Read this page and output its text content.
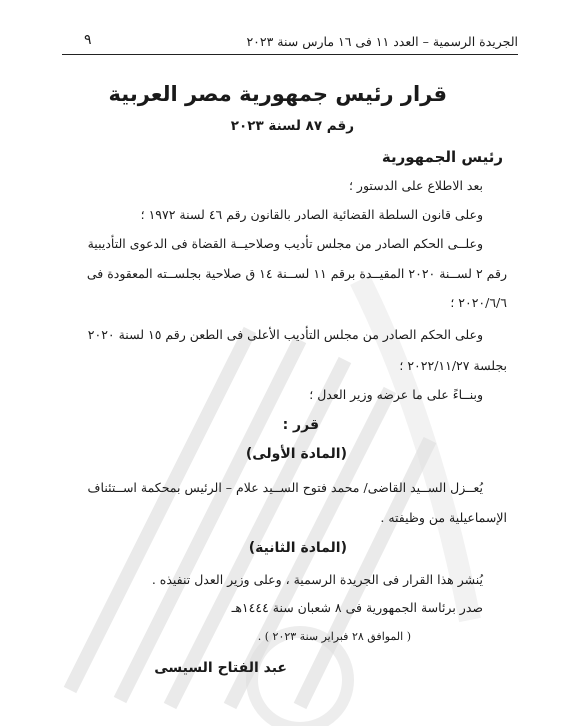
الجريدة الرسمية – العدد ١١ فى ١٦ مارس سنة ٢٠٢٣
٩
قرار رئيس جمهورية مصر العربية
رقم ٨٧ لسنة ٢٠٢٣
رئيس الجمهورية
بعد الاطلاع على الدستور ؛
وعلى قانون السلطة القضائية الصادر بالقانون رقم ٤٦ لسنة ١٩٧٢ ؛
وعلــى الحكم الصادر من مجلس تأديب وصلاحيــة القضاة فى الدعوى التأديبية
رقم ٢ لســنة ٢٠٢٠ المقيــدة برقم ١١ لســنة ١٤ ق صلاحية بجلســته المعقودة فى
٢٠٢٠/٦/٦ ؛
وعلى الحكم الصادر من مجلس التأديب الأعلى فى الطعن رقم ١٥ لسنة ٢٠٢٠
بجلسة ٢٠٢٢/١١/٢٧ ؛
وبنــاءً على ما عرضه وزير العدل ؛
قرر :
(المادة الأولى)
يُعــزل الســيد القاضى/ محمد فتوح الســيد علام – الرئيس بمحكمة اســتئناف
الإسماعيلية من وظيفته .
(المادة الثانية)
يُنشر هذا القرار فى الجريدة الرسمية ، وعلى وزير العدل تنفيذه .
صدر برئاسة الجمهورية فى ٨ شعبان سنة ١٤٤٤هـ
( الموافق ٢٨ فبراير سنة ٢٠٢٣ ) .
عبد الفتاح السيسى
